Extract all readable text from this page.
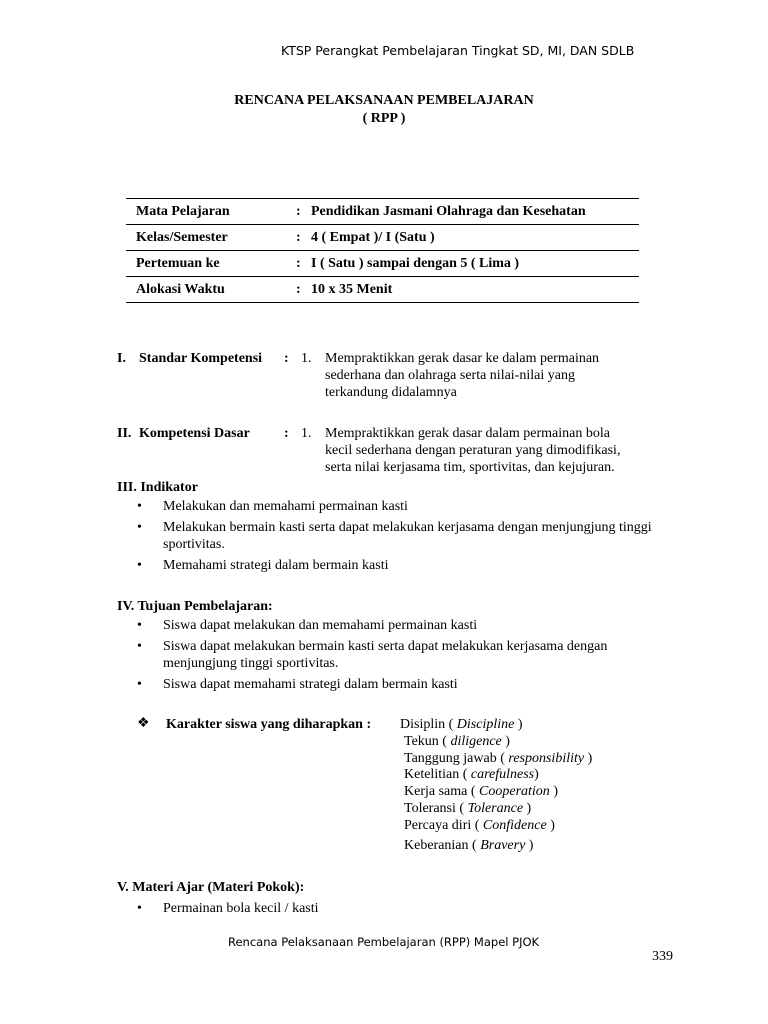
KTSP Perangkat Pembelajaran Tingkat SD, MI, DAN SDLB
RENCANA PELAKSANAAN PEMBELAJARAN
( RPP )
Mata Pelajaran	:	Pendidikan Jasmani Olahraga dan Kesehatan
Kelas/Semester	:	4 ( Empat )/ I (Satu )
Pertemuan ke	:	I ( Satu ) sampai dengan 5 ( Lima )
Alokasi Waktu	:	10 x 35 Menit
I. Standar Kompetensi : 1. Mempraktikkan gerak dasar ke dalam permainan
sederhana dan olahraga serta nilai-nilai yang
terkandung didalamnya
II. Kompetensi Dasar : 1. Mempraktikkan gerak dasar dalam permainan bola
kecil sederhana dengan peraturan yang dimodifikasi,
serta nilai kerjasama tim, sportivitas, dan kejujuran.
III. Indikator
• Melakukan dan memahami permainan kasti
• Melakukan bermain kasti serta dapat melakukan kerjasama dengan menjungjung tinggi sportivitas.
• Memahami strategi dalam bermain kasti
IV. Tujuan Pembelajaran:
• Siswa dapat melakukan dan memahami permainan kasti
• Siswa dapat melakukan bermain kasti serta dapat melakukan kerjasama dengan menjungjung tinggi sportivitas.
• Siswa dapat memahami strategi dalam bermain kasti
❖ Karakter siswa yang diharapkan : Disiplin ( Discipline )
Tekun ( diligence )
Tanggung jawab ( responsibility )
Ketelitian ( carefulness)
Kerja sama ( Cooperation )
Toleransi ( Tolerance )
Percaya diri ( Confidence )
Keberanian ( Bravery )
V. Materi Ajar (Materi Pokok):
• Permainan bola kecil / kasti
Rencana Pelaksanaan Pembelajaran (RPP) Mapel PJOK
339
